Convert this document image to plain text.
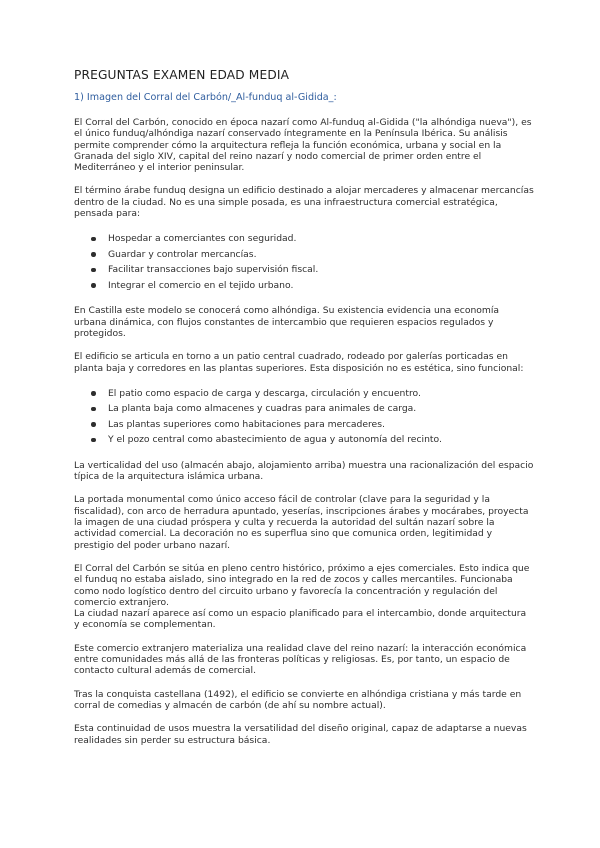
PREGUNTAS EXAMEN EDAD MEDIA
1) Imagen del Corral del Carbón/_Al-funduq al-Gidida_:

El Corral del Carbón, conocido en época nazarí como Al-funduq al-Gidida ("la alhóndiga nueva"), es el único funduq/alhóndiga nazarí conservado íntegramente en la Península Ibérica. Su análisis permite comprender cómo la arquitectura refleja la función económica, urbana y social en la Granada del siglo XIV, capital del reino nazarí y nodo comercial de primer orden entre el Mediterráneo y el interior peninsular.

El término árabe funduq designa un edificio destinado a alojar mercaderes y almacenar mercancías dentro de la ciudad. No es una simple posada, es una infraestructura comercial estratégica, pensada para:

Hospedar a comerciantes con seguridad.
Guardar y controlar mercancías.
Facilitar transacciones bajo supervisión fiscal.
Integrar el comercio en el tejido urbano.

En Castilla este modelo se conocerá como alhóndiga. Su existencia evidencia una economía urbana dinámica, con flujos constantes de intercambio que requieren espacios regulados y protegidos.

El edificio se articula en torno a un patio central cuadrado, rodeado por galerías porticadas en planta baja y corredores en las plantas superiores. Esta disposición no es estética, sino funcional:

El patio como espacio de carga y descarga, circulación y encuentro.
La planta baja como almacenes y cuadras para animales de carga.
Las plantas superiores como habitaciones para mercaderes.
Y el pozo central como abastecimiento de agua y autonomía del recinto.

La verticalidad del uso (almacén abajo, alojamiento arriba) muestra una racionalización del espacio típica de la arquitectura islámica urbana.

La portada monumental como único acceso fácil de controlar (clave para la seguridad y la fiscalidad), con arco de herradura apuntado, yeserías, inscripciones árabes y mocárabes, proyecta la imagen de una ciudad próspera y culta y recuerda la autoridad del sultán nazarí sobre la actividad comercial. La decoración no es superflua sino que comunica orden, legitimidad y prestigio del poder urbano nazarí.

El Corral del Carbón se sitúa en pleno centro histórico, próximo a ejes comerciales. Esto indica que el funduq no estaba aislado, sino integrado en la red de zocos y calles mercantiles. Funcionaba como nodo logístico dentro del circuito urbano y favorecía la concentración y regulación del comercio extranjero.

La ciudad nazarí aparece así como un espacio planificado para el intercambio, donde arquitectura y economía se complementan.

Este comercio extranjero materializa una realidad clave del reino nazarí: la interacción económica entre comunidades más allá de las fronteras políticas y religiosas. Es, por tanto, un espacio de contacto cultural además de comercial.

Tras la conquista castellana (1492), el edificio se convierte en alhóndiga cristiana y más tarde en corral de comedias y almacén de carbón (de ahí su nombre actual).

Esta continuidad de usos muestra la versatilidad del diseño original, capaz de adaptarse a nuevas realidades sin perder su estructura básica.
